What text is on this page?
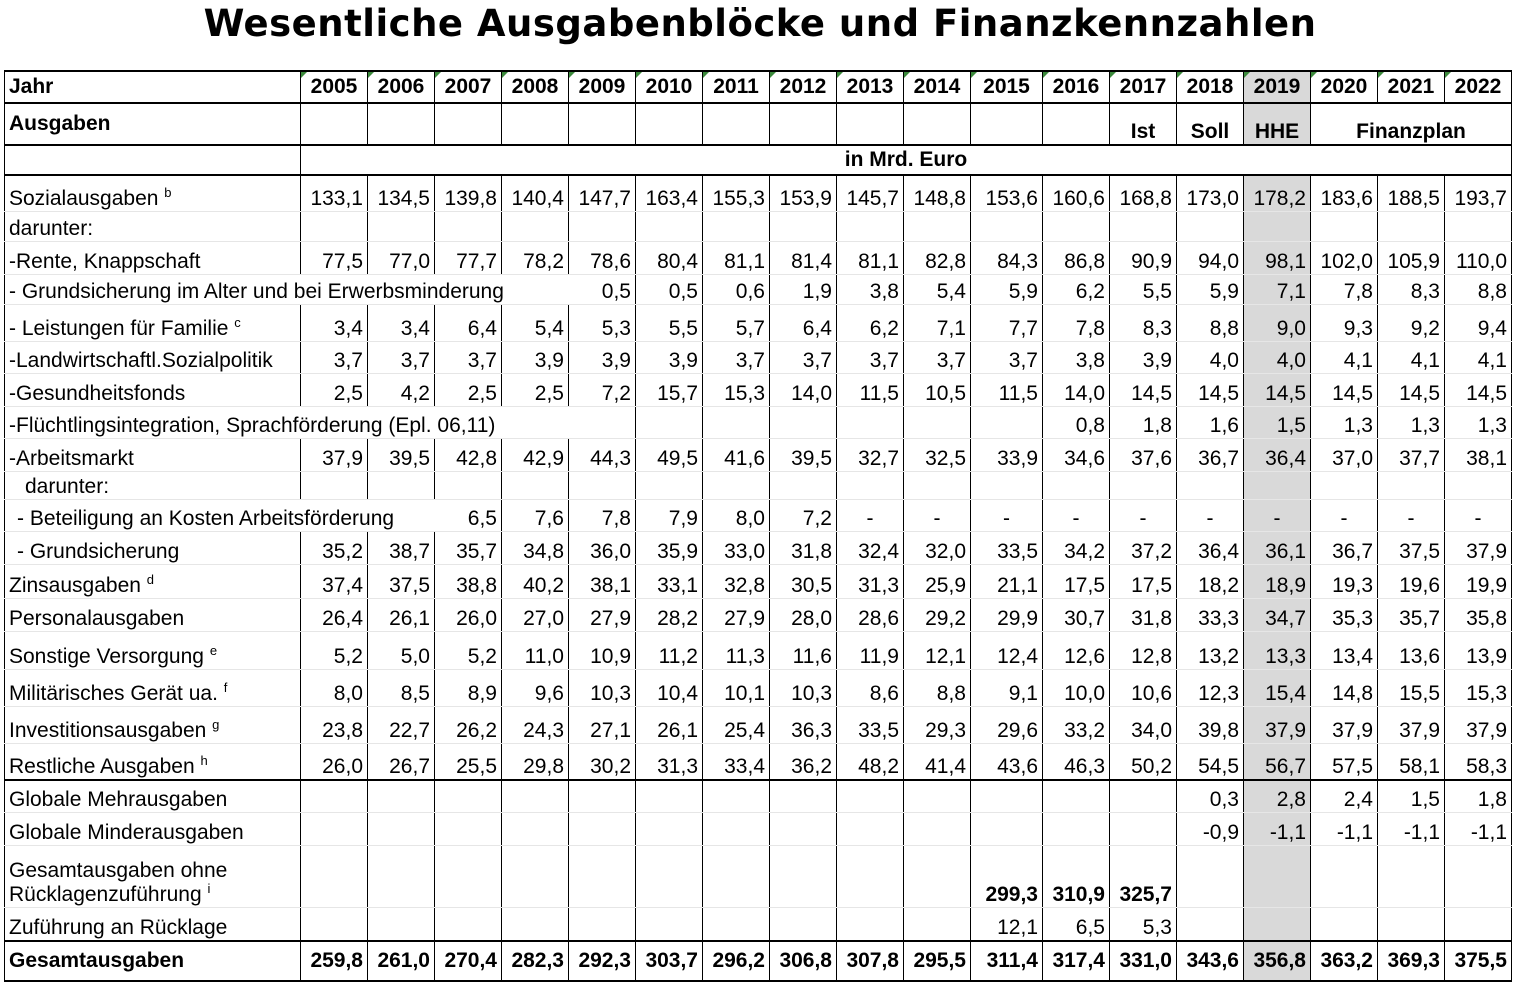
Wesentliche Ausgabenblöcke und Finanzkennzahlen
Jahr	2005	2006	2007	2008	2009	2010	2011	2012	2013	2014	2015	2016	2017	2018	2019	2020	2021	2022
Ausgaben													Ist	Soll	HHE	Finanzplan		
	in Mrd. Euro																	
Sozialausgaben $^b$	133,1	134,5	139,8	140,4	147,7	163,4	155,3	153,9	145,7	148,8	153,6	160,6	168,8	173,0	178,2	183,6	188,5	193,7
darunter:																		
-Rente, Knappschaft	77,5	77,0	77,7	78,2	78,6	80,4	81,1	81,4	81,1	82,8	84,3	86,8	90,9	94,0	98,1	102,0	105,9	110,0
- Grundsicherung im Alter und bei Erwerbsminderung					0,5	0,5	0,6	1,9	3,8	5,4	5,9	6,2	5,5	5,9	7,1	7,8	8,3	8,8
- Leistungen für Familie $^c$	3,4	3,4	6,4	5,4	5,3	5,5	5,7	6,4	6,2	7,1	7,7	7,8	8,3	8,8	9,0	9,3	9,2	9,4
-Landwirtschaftl.Sozialpolitik	3,7	3,7	3,7	3,9	3,9	3,9	3,7	3,7	3,7	3,7	3,7	3,8	3,9	4,0	4,0	4,1	4,1	4,1
-Gesundheitsfonds	2,5	4,2	2,5	2,5	7,2	15,7	15,3	14,0	11,5	10,5	11,5	14,0	14,5	14,5	14,5	14,5	14,5	14,5
-Flüchtlingsintegration, Sprachförderung (Epl. 06,11)												0,8	1,8	1,6	1,5	1,3	1,3	1,3
-Arbeitsmarkt	37,9	39,5	42,8	42,9	44,3	49,5	41,6	39,5	32,7	32,5	33,9	34,6	37,6	36,7	36,4	37,0	37,7	38,1
darunter:																		
- Beteiligung an Kosten Arbeitsförderung			6,5	7,6	7,8	7,9	8,0	7,2	-	-	-	-	-	-	-	-	-	-
- Grundsicherung	35,2	38,7	35,7	34,8	36,0	35,9	33,0	31,8	32,4	32,0	33,5	34,2	37,2	36,4	36,1	36,7	37,5	37,9
Zinsausgaben $^d$	37,4	37,5	38,8	40,2	38,1	33,1	32,8	30,5	31,3	25,9	21,1	17,5	17,5	18,2	18,9	19,3	19,6	19,9
Personalausgaben	26,4	26,1	26,0	27,0	27,9	28,2	27,9	28,0	28,6	29,2	29,9	30,7	31,8	33,3	34,7	35,3	35,7	35,8
Sonstige Versorgung $^e$	5,2	5,0	5,2	11,0	10,9	11,2	11,3	11,6	11,9	12,1	12,4	12,6	12,8	13,2	13,3	13,4	13,6	13,9
Militärisches Gerät ua. $^f$	8,0	8,5	8,9	9,6	10,3	10,4	10,1	10,3	8,6	8,8	9,1	10,0	10,6	12,3	15,4	14,8	15,5	15,3
Investitionsausgaben $^g$	23,8	22,7	26,2	24,3	27,1	26,1	25,4	36,3	33,5	29,3	29,6	33,2	34,0	39,8	37,9	37,9	37,9	37,9
Restliche Ausgaben $^h$	26,0	26,7	25,5	29,8	30,2	31,3	33,4	36,2	48,2	41,4	43,6	46,3	50,2	54,5	56,7	57,5	58,1	58,3
Globale Mehrausgaben														0,3	2,8	2,4	1,5	1,8
Globale Minderausgaben														-0,9	-1,1	-1,1	-1,1	-1,1

Gesamtausgaben ohne
Rücklagenzuführung $^i$											299,3	310,9	325,7					
Zuführung an Rücklage											12,1	6,5	5,3					
Gesamtausgaben	259,8	261,0	270,4	282,3	292,3	303,7	296,2	306,8	307,8	295,5	311,4	317,4	331,0	343,6	356,8	363,2	369,3	375,5
